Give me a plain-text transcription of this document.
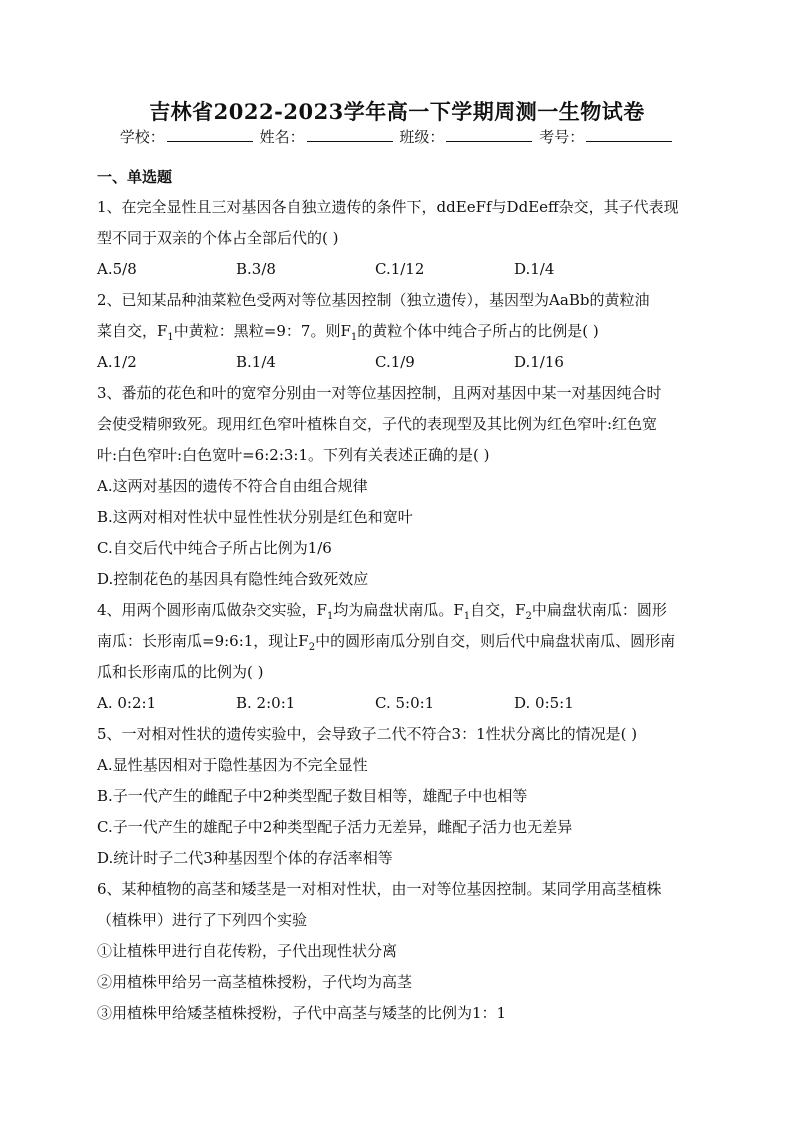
吉林省2022-2023学年高一下学期周测一生物试卷
学校：	姓名：	班级：	考号：
一、单选题

1、在完全显性且三对基因各自独立遗传的条件下，ddEeFf与DdEeff杂交，其子代表现

型不同于双亲的个体占全部后代的( )

A.5/8	B.3/8	C.1/12	D.1/4

2、已知某品种油菜粒色受两对等位基因控制（独立遗传），基因型为AaBb的黄粒油

菜自交，$F_1$中黄粒：黑粒=9：7。则$F_1$的黄粒个体中纯合子所占的比例是( )

A.1/2	B.1/4	C.1/9	D.1/16

3、番茄的花色和叶的宽窄分别由一对等位基因控制，且两对基因中某一对基因纯合时

会使受精卵致死。现用红色窄叶植株自交，子代的表现型及其比例为红色窄叶:红色宽

叶:白色窄叶:白色宽叶=6:2:3:1。下列有关表述正确的是( )

A.这两对基因的遗传不符合自由组合规律

B.这两对相对性状中显性性状分别是红色和宽叶

C.自交后代中纯合子所占比例为1/6

D.控制花色的基因具有隐性纯合致死效应

4、用两个圆形南瓜做杂交实验，$F_1$均为扁盘状南瓜。$F_1$自交，$F_2$中扁盘状南瓜：圆形

南瓜：长形南瓜=9:6:1，现让$F_2$中的圆形南瓜分别自交，则后代中扁盘状南瓜、圆形南

瓜和长形南瓜的比例为( )

A. 0:2:1	B. 2:0:1	C. 5:0:1	D. 0:5:1

5、一对相对性状的遗传实验中，会导致子二代不符合3：1性状分离比的情况是( )

A.显性基因相对于隐性基因为不完全显性

B.子一代产生的雌配子中2种类型配子数目相等，雄配子中也相等

C.子一代产生的雄配子中2种类型配子活力无差异，雌配子活力也无差异

D.统计时子二代3种基因型个体的存活率相等

6、某种植物的高茎和矮茎是一对相对性状，由一对等位基因控制。某同学用高茎植株

（植株甲）进行了下列四个实验

①让植株甲进行自花传粉，子代出现性状分离

②用植株甲给另一高茎植株授粉，子代均为高茎

③用植株甲给矮茎植株授粉，子代中高茎与矮茎的比例为1：1
